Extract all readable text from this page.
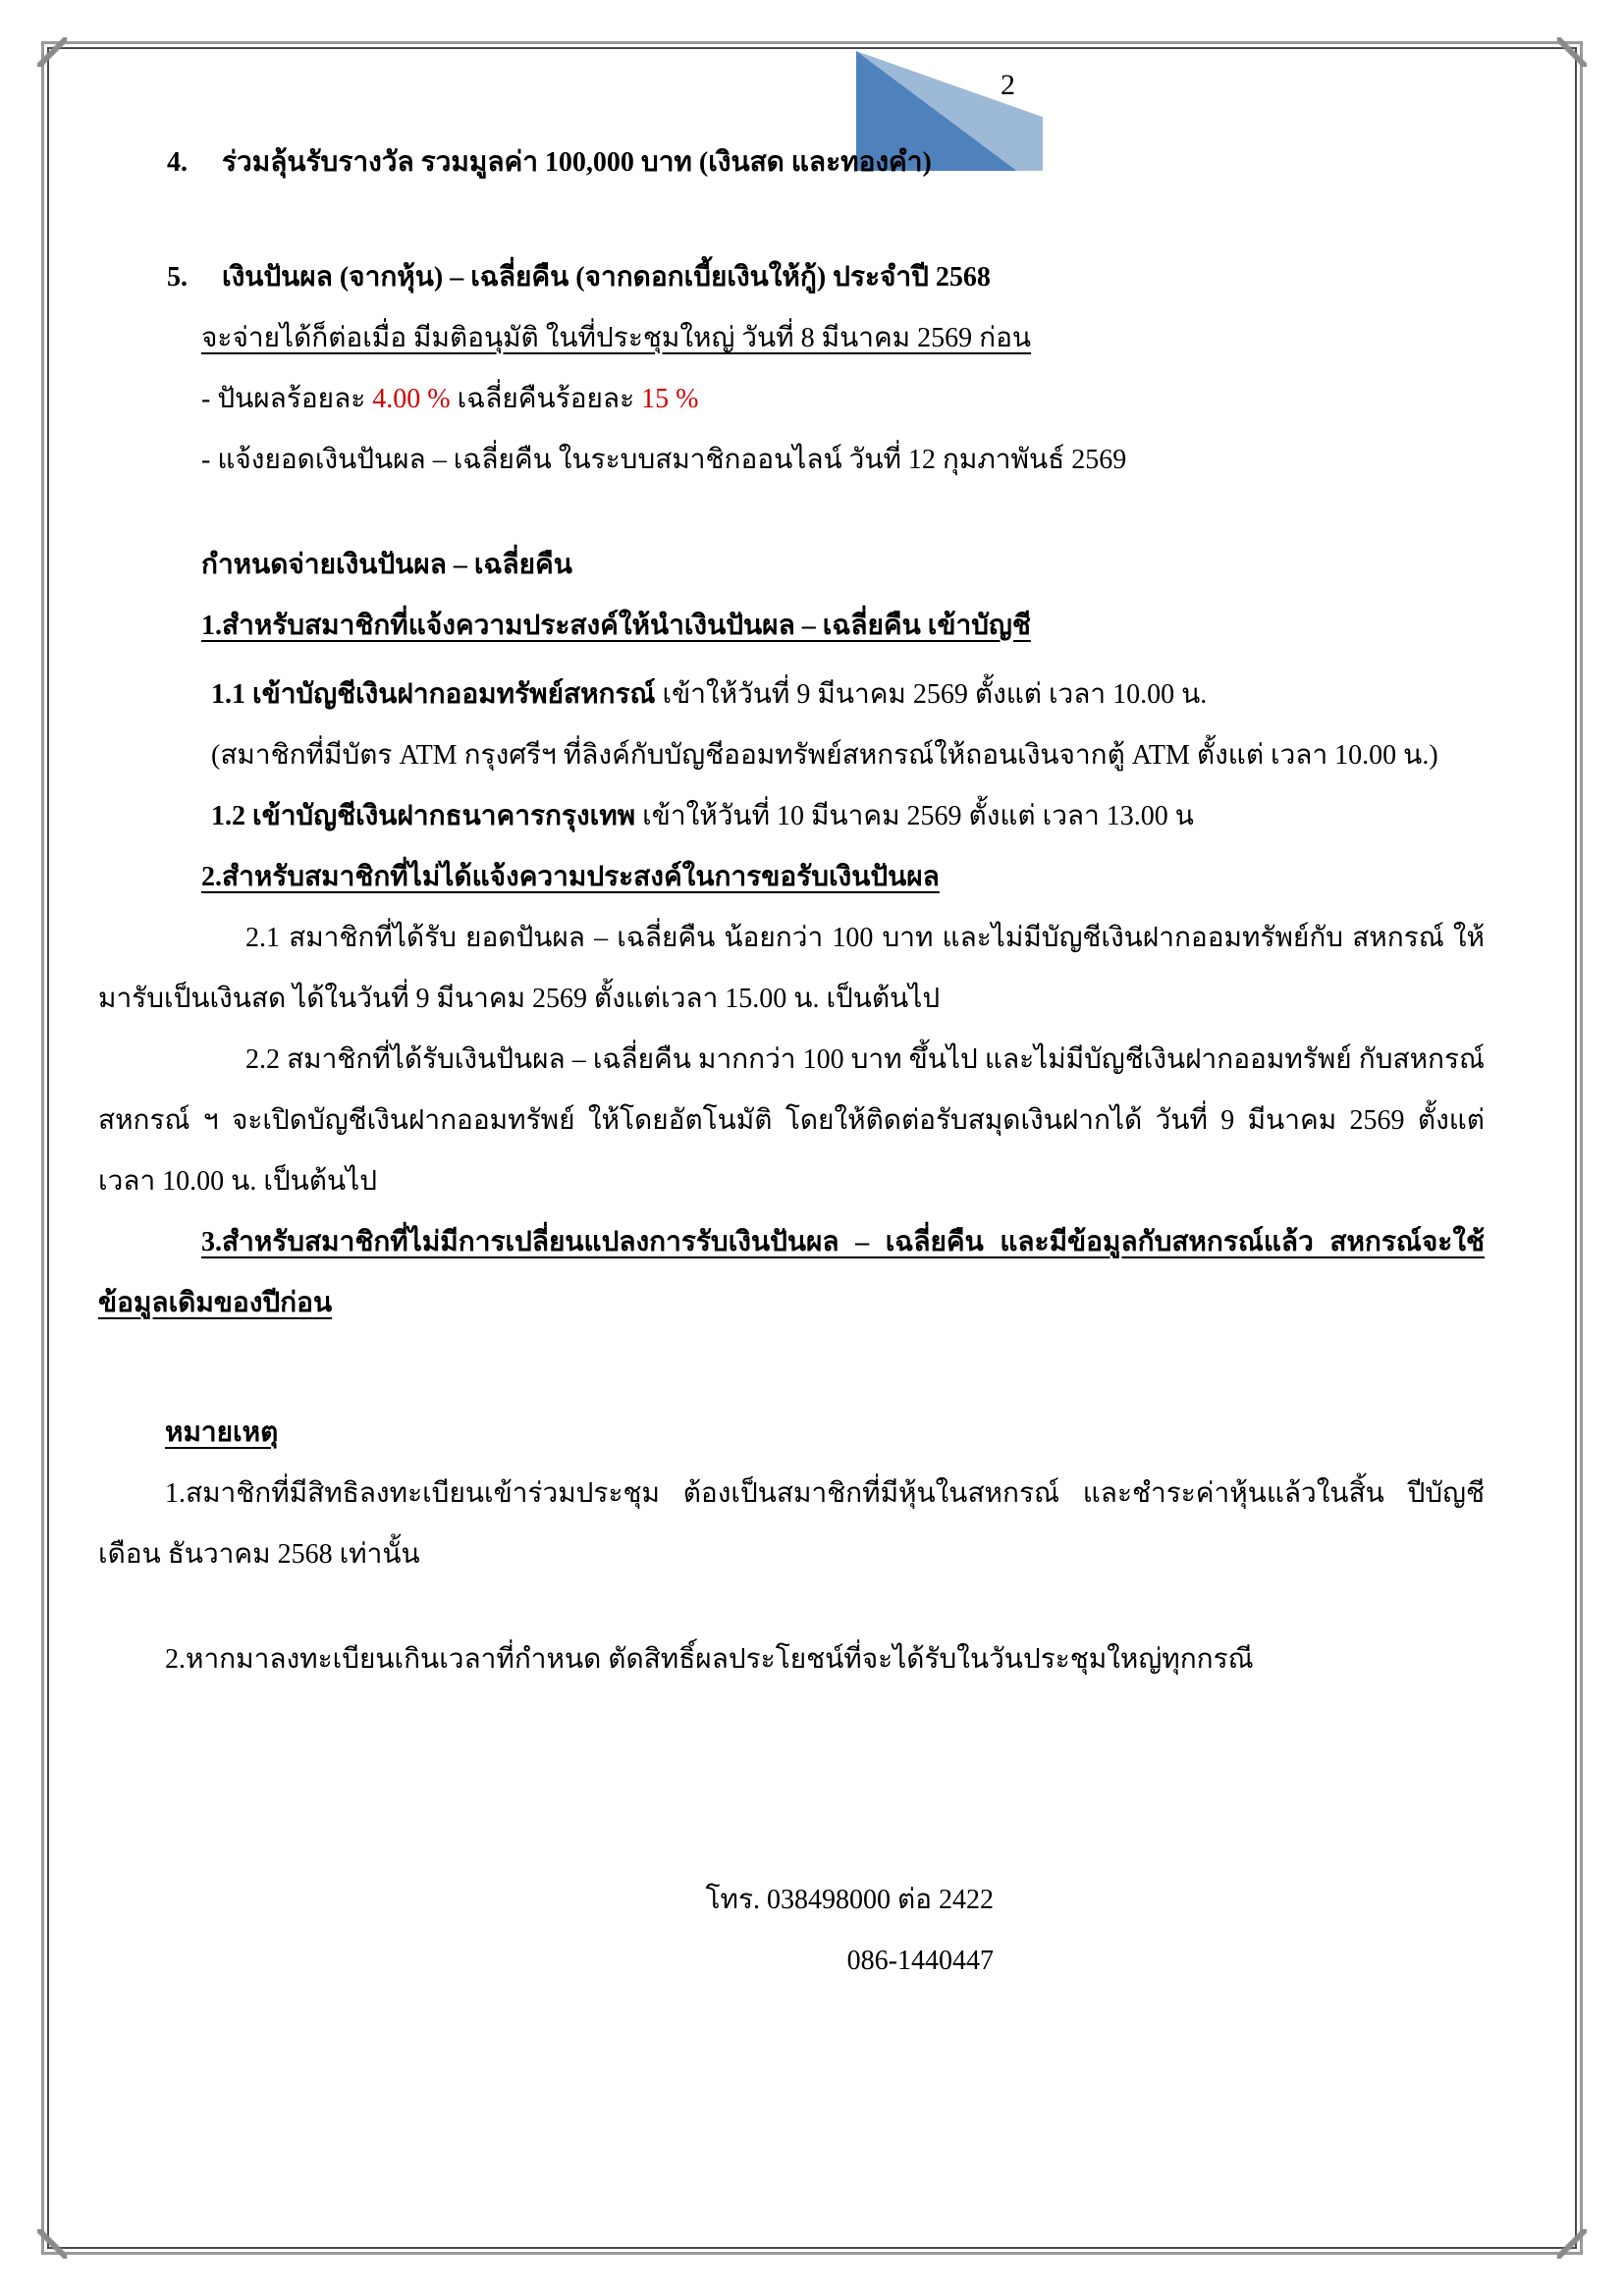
2

4. ร่วมลุ้นรับรางวัล รวมมูลค่า 100,000 บาท (เงินสด และทองคำ)

5. เงินปันผล (จากหุ้น) – เฉลี่ยคืน (จากดอกเบี้ยเงินให้กู้) ประจำปี 2568

จะจ่ายได้ก็ต่อเมื่อ มีมติอนุมัติ ในที่ประชุมใหญ่ วันที่ 8 มีนาคม 2569 ก่อน

- ปันผลร้อยละ 4.00 % เฉลี่ยคืนร้อยละ 15 %

- แจ้งยอดเงินปันผล – เฉลี่ยคืน ในระบบสมาชิกออนไลน์ วันที่ 12 กุมภาพันธ์ 2569

กำหนดจ่ายเงินปันผล – เฉลี่ยคืน

1.สำหรับสมาชิกที่แจ้งความประสงค์ให้นำเงินปันผล – เฉลี่ยคืน เข้าบัญชี

1.1 เข้าบัญชีเงินฝากออมทรัพย์สหกรณ์ เข้าให้วันที่ 9 มีนาคม 2569 ตั้งแต่ เวลา 10.00 น.

(สมาชิกที่มีบัตร ATM กรุงศรีฯ ที่ลิงค์กับบัญชีออมทรัพย์สหกรณ์ให้ถอนเงินจากตู้ ATM ตั้งแต่ เวลา 10.00 น.)

1.2 เข้าบัญชีเงินฝากธนาคารกรุงเทพ เข้าให้วันที่ 10 มีนาคม 2569 ตั้งแต่ เวลา 13.00 น

2.สำหรับสมาชิกที่ไม่ได้แจ้งความประสงค์ในการขอรับเงินปันผล

2.1 สมาชิกที่ได้รับ ยอดปันผล – เฉลี่ยคืน น้อยกว่า 100 บาท และไม่มีบัญชีเงินฝากออมทรัพย์กับ สหกรณ์ ให้มารับเป็นเงินสด ได้ในวันที่ 9 มีนาคม 2569 ตั้งแต่เวลา 15.00 น. เป็นต้นไป

2.2 สมาชิกที่ได้รับเงินปันผล – เฉลี่ยคืน มากกว่า 100 บาท ขึ้นไป และไม่มีบัญชีเงินฝากออมทรัพย์ กับสหกรณ์ สหกรณ์ ฯ จะเปิดบัญชีเงินฝากออมทรัพย์ ให้โดยอัตโนมัติ โดยให้ติดต่อรับสมุดเงินฝากได้ วันที่ 9 มีนาคม 2569 ตั้งแต่ เวลา 10.00 น. เป็นต้นไป

3.สำหรับสมาชิกที่ไม่มีการเปลี่ยนแปลงการรับเงินปันผล – เฉลี่ยคืน และมีข้อมูลกับสหกรณ์แล้ว สหกรณ์จะใช้ข้อมูลเดิมของปีก่อน

หมายเหตุ

1.สมาชิกที่มีสิทธิลงทะเบียนเข้าร่วมประชุม ต้องเป็นสมาชิกที่มีหุ้นในสหกรณ์ และชำระค่าหุ้นแล้วในสิ้น ปีบัญชี เดือน ธันวาคม 2568 เท่านั้น

2.หากมาลงทะเบียนเกินเวลาที่กำหนด ตัดสิทธิ์ผลประโยชน์ที่จะได้รับในวันประชุมใหญ่ทุกกรณี

โทร. 038498000 ต่อ 2422

086-1440447
